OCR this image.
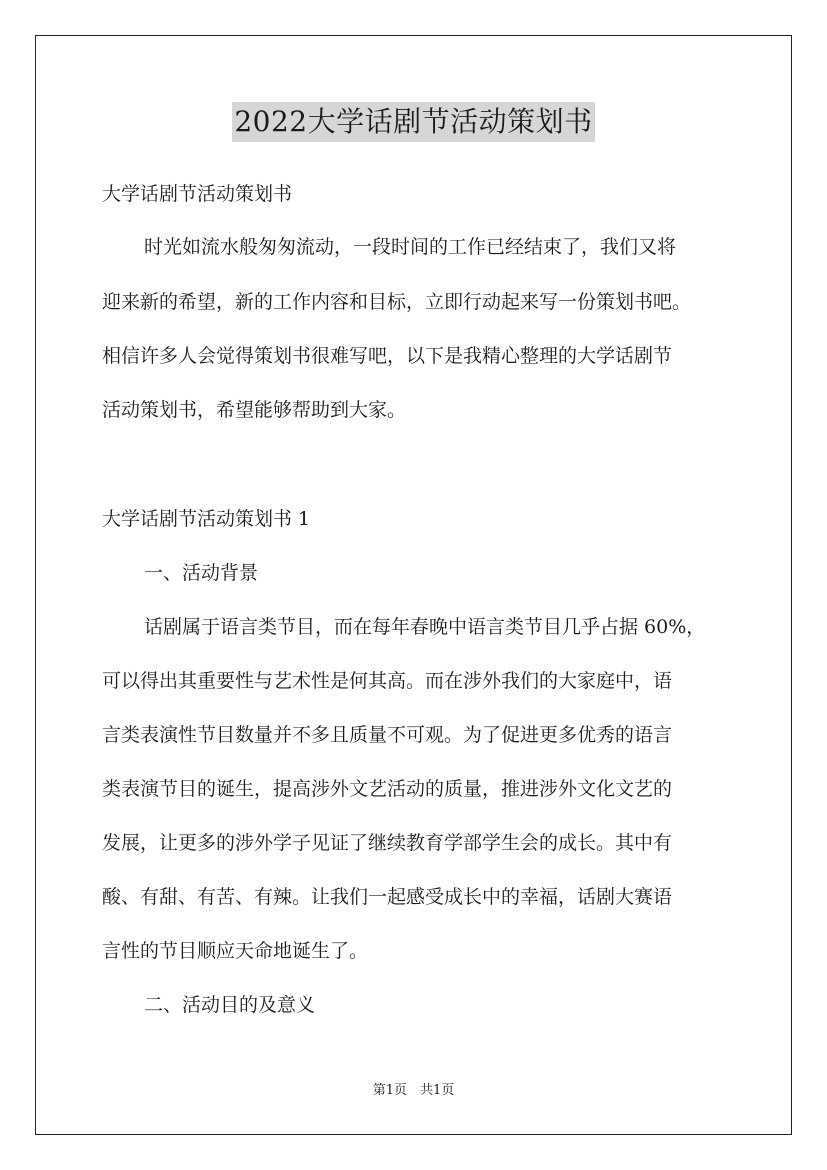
2022大学话剧节活动策划书
大学话剧节活动策划书
时光如流水般匆匆流动，一段时间的工作已经结束了，我们又将
迎来新的希望，新的工作内容和目标，立即行动起来写一份策划书吧。
相信许多人会觉得策划书很难写吧，以下是我精心整理的大学话剧节
活动策划书，希望能够帮助到大家。
大学话剧节活动策划书 1
一、活动背景
话剧属于语言类节目，而在每年春晚中语言类节目几乎占据 60%，
可以得出其重要性与艺术性是何其高。而在涉外我们的大家庭中，语
言类表演性节目数量并不多且质量不可观。为了促进更多优秀的语言
类表演节目的诞生，提高涉外文艺活动的质量，推进涉外文化文艺的
发展，让更多的涉外学子见证了继续教育学部学生会的成长。其中有
酸、有甜、有苦、有辣。让我们一起感受成长中的幸福，话剧大赛语
言性的节目顺应天命地诞生了。
二、活动目的及意义
第1页　共1页
